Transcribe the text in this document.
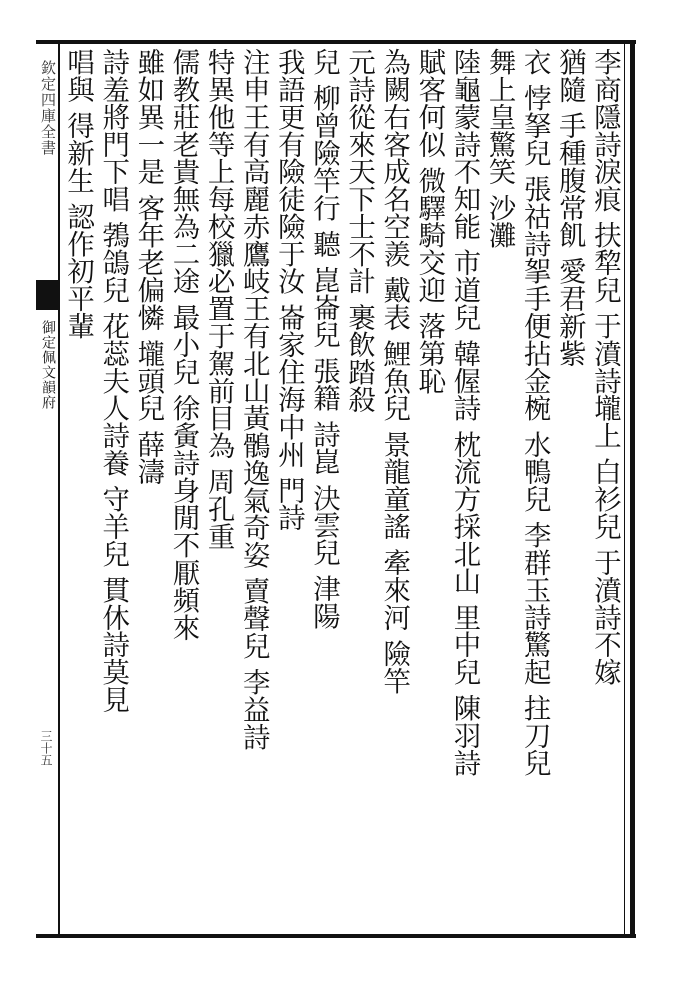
欽定四庫全書
御定佩文韻府
三十五
李商隱詩淚痕 扶犂兒 于濆詩壠上 白衫兒 于濆詩不嫁
猶隨 手種腹常飢 愛君新紫
衣 悖拏兒 張祜詩挐手便拈金椀 水鴨兒 李群玉詩驚起 拄刀兒
舞上皇驚笑 沙灘
陸龜蒙詩不知能 市道兒 韓偓詩 枕流方採北山 里中兒 陳羽詩
賦客何似 微驛騎交迎 落第恥
為闕右客成名空羨 戴表 鯉魚兒 景龍童謠 牽來河 險竿
元詩從來天下士不計 裹飲踏殺
兒 柳曾險竿行 聽 崑崙兒 張籍 詩崑 決雲兒 津陽
我語更有險徒險于汝 崙家住海中州 門詩
注申王有高麗赤鷹岐王有北山黃鶻逸氣奇姿 賣聲兒 李益詩
特異他等上每校獵必置于駕前目為 周孔重
儒教莊老貴無為二途 最小兒 徐夤詩身閒不厭頻來
雖如異一是 客年老偏憐 壠頭兒 薛濤
詩羞將門下唱 鵓鴿兒 花蕊夫人詩養 守羊兒 貫休詩莫見
唱與 得新生 認作初平輩
